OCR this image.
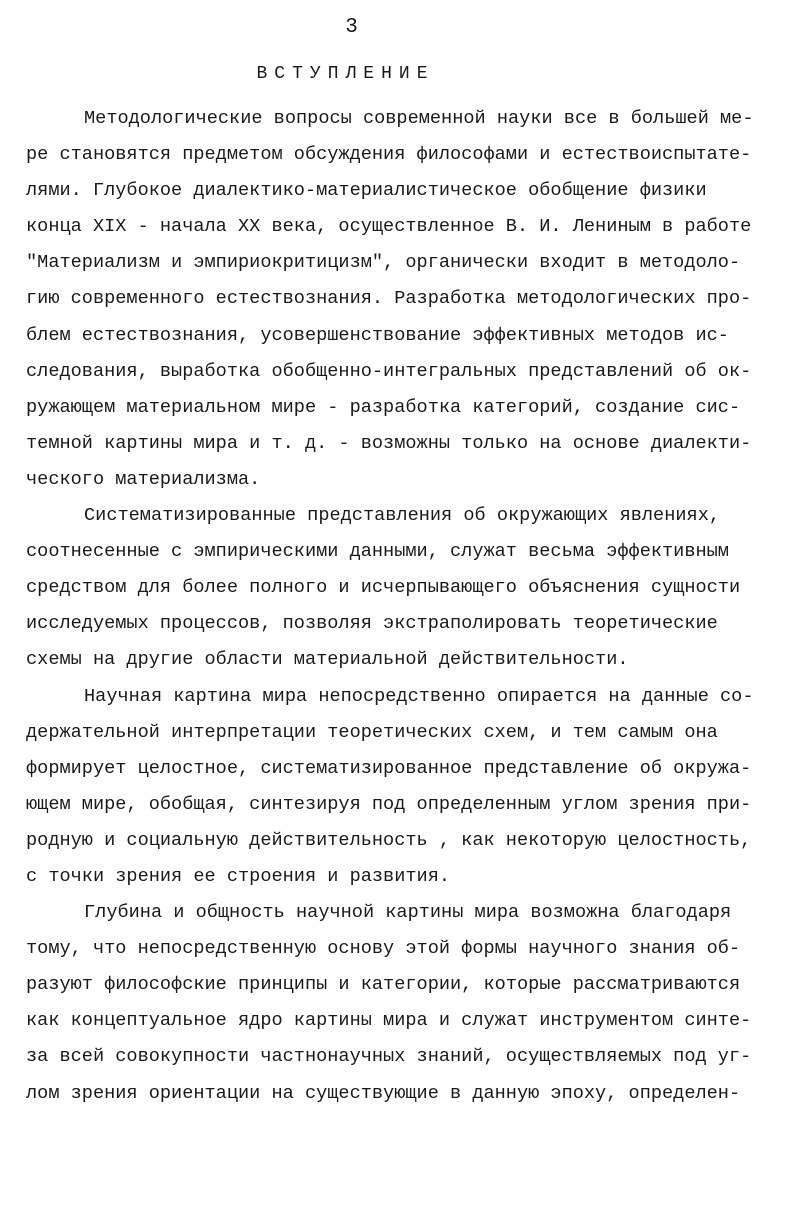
3
ВСТУПЛЕНИЕ
Методологические вопросы современной науки все в большей ме-
ре становятся предметом обсуждения философами и естествоиспытате-
лями. Глубокое диалектико-материалистическое обобщение физики
конца XIX - начала XX века, осуществленное В. И. Лениным в работе
"Материализм и эмпириокритицизм", органически входит в методоло-
гию современного естествознания. Разработка методологических про-
блем естествознания, усовершенствование эффективных методов ис-
следования, выработка обобщенно-интегральных представлений об ок-
ружающем материальном мире - разработка категорий, создание сис-
темной картины мира и т. д. - возможны только на основе диалекти-
ческого материализма.
Систематизированные представления об окружающих явлениях,
соотнесенные с эмпирическими данными, служат весьма эффективным
средством для более полного и исчерпывающего объяснения сущности
исследуемых процессов, позволяя экстраполировать теоретические
схемы на другие области материальной действительности.
Научная картина мира непосредственно опирается на данные со-
держательной интерпретации теоретических схем, и тем самым она
формирует целостное, систематизированное представление об окружа-
ющем мире, обобщая, синтезируя под определенным углом зрения при-
родную и социальную действительность , как некоторую целостность,
с точки зрения ее строения и развития.
Глубина и общность научной картины мира возможна благодаря
тому, что непосредственную основу этой формы научного знания об-
разуют философские принципы и категории, которые рассматриваются
как концептуальное ядро картины мира и служат инструментом синте-
за всей совокупности частнонаучных знаний, осуществляемых под уг-
лом зрения ориентации на существующие в данную эпоху, определен-
